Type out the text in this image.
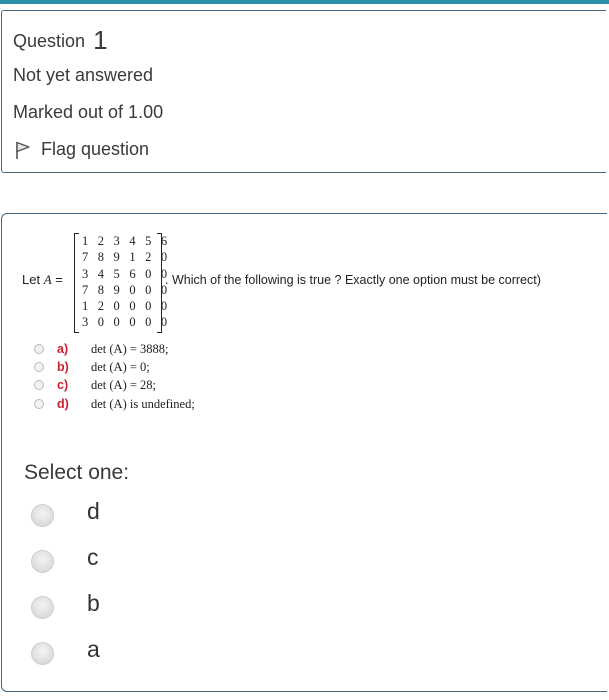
Question 1
Not yet answered
Marked out of 1.00
Flag question
Let A =
1 2 3 4 5 6
7 8 9 1 2 0
3 4 5 6 0 0
7 8 9 0 0 0
1 2 0 0 0 0
3 0 0 0 0 0
. Which of the following is true ? Exactly one option must be correct)
a) det (A) = 3888;
b) det (A) = 0;
c) det (A) = 28;
d) det (A) is undefined;
Select one:
d
c
b
a
